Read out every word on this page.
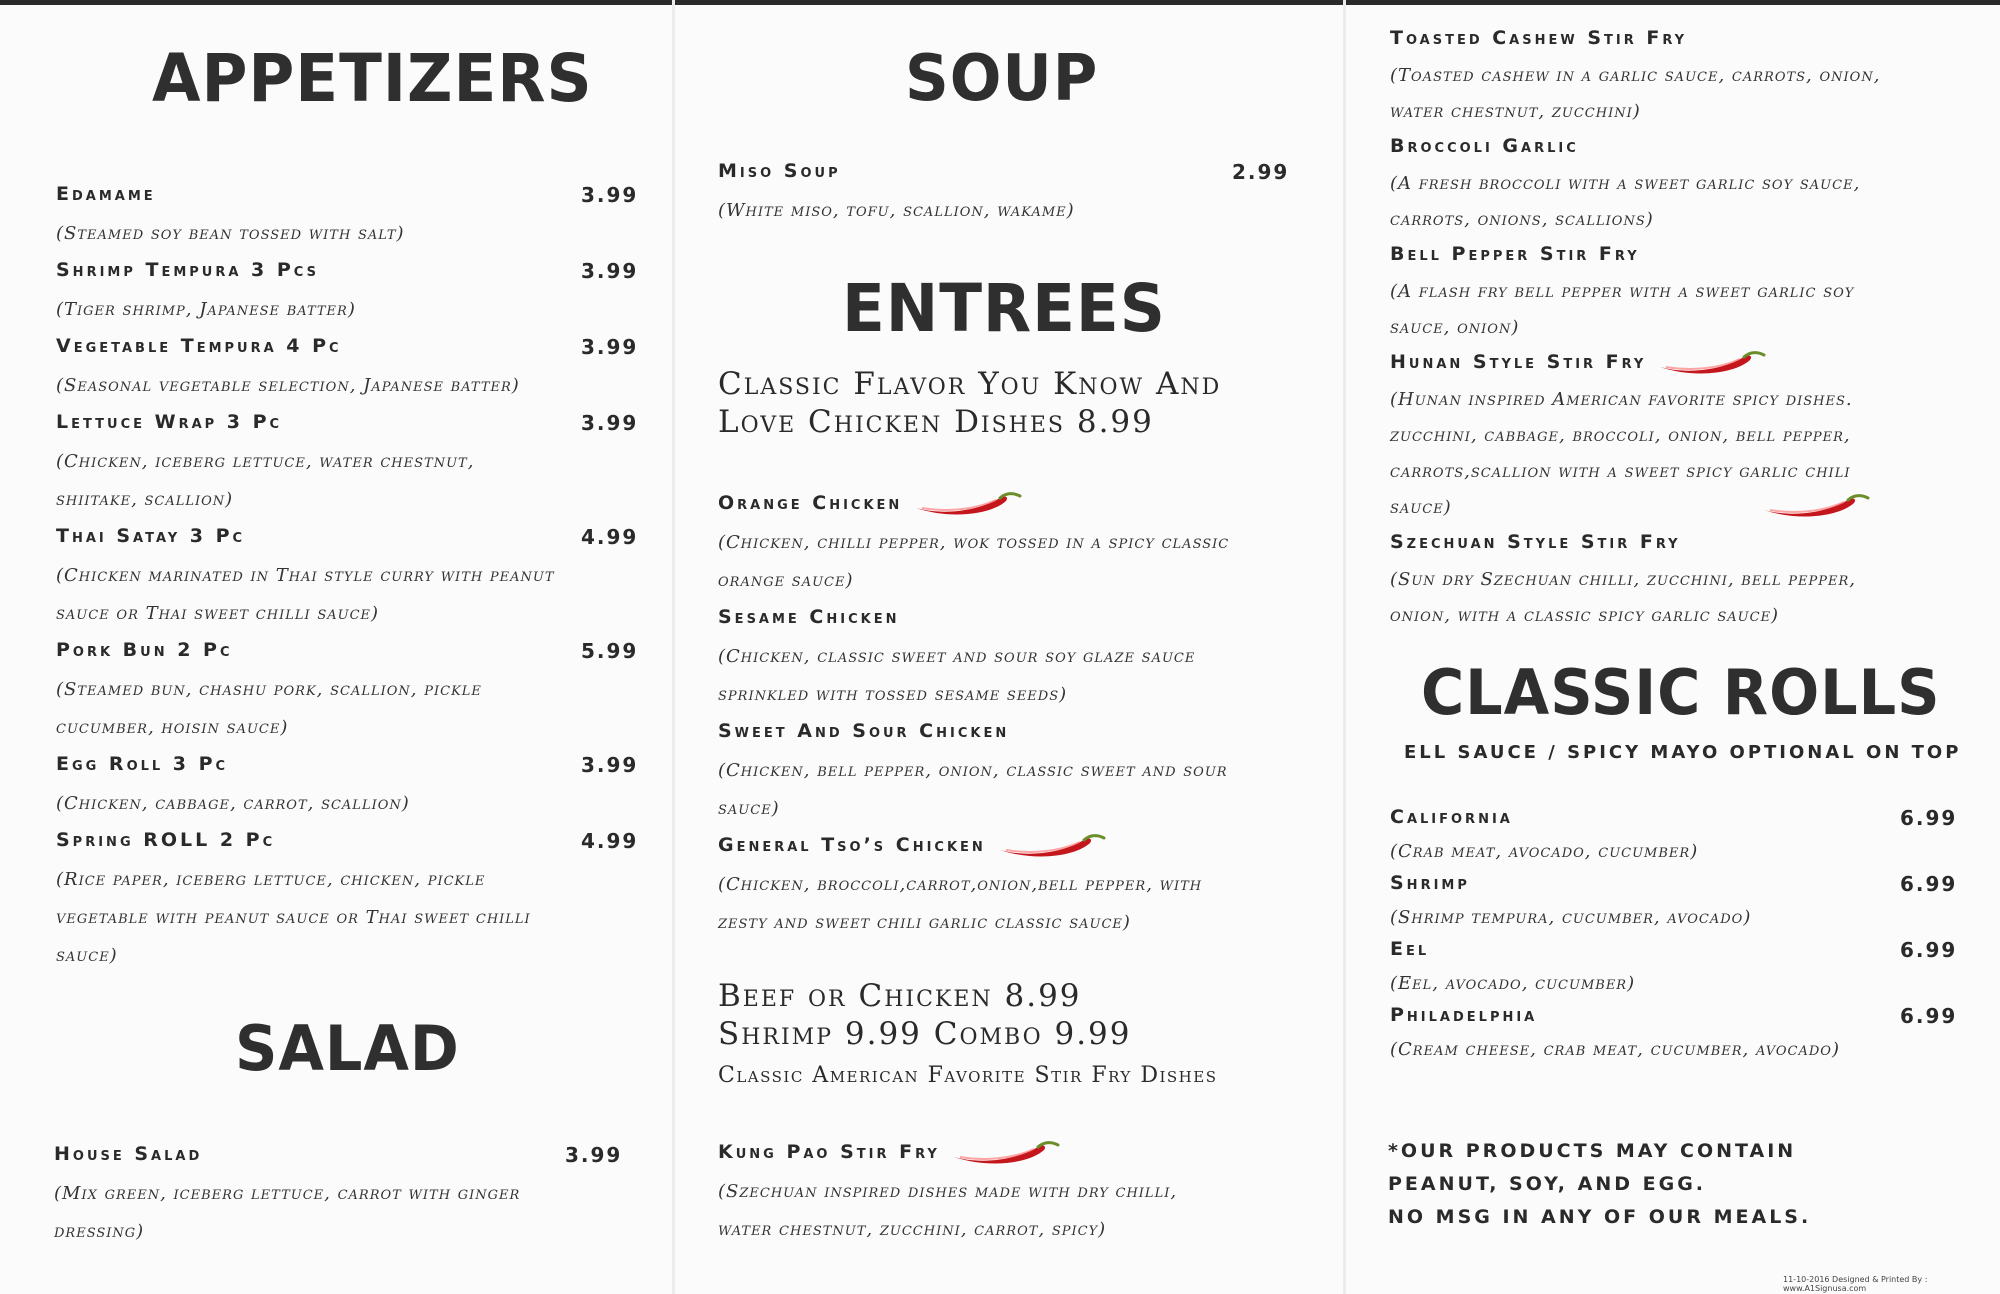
APPETIZERS
SALAD
SOUP
ENTREES
CLASSIC ROLLS
ELL SAUCE / SPICY MAYO OPTIONAL ON TOP
Classic Flavor You Know And
Love Chicken Dishes 8.99
Beef or Chicken 8.99
Shrimp 9.99 Combo 9.99
Classic American Favorite Stir Fry Dishes
*OUR PRODUCTS MAY CONTAIN
PEANUT, SOY, AND EGG.
NO MSG IN ANY OF OUR MEALS.
11-10-2016 Designed & Printed By : www.A1Signusa.com
Edamame	3.99
(Steamed soy bean tossed with salt)
Shrimp Tempura 3 Pcs	3.99
(Tiger shrimp, Japanese batter)
Vegetable Tempura 4 Pc	3.99
(Seasonal vegetable selection, Japanese batter)
Lettuce Wrap 3 Pc	3.99
(Chicken, iceberg lettuce, water chestnut,
shiitake, scallion)
Thai Satay 3 Pc	4.99
(Chicken marinated in Thai style curry with peanut
sauce or Thai sweet chilli sauce)
Pork Bun 2 Pc	5.99
(Steamed bun, chashu pork, scallion, pickle
cucumber, hoisin sauce)
Egg Roll 3 Pc	3.99
(Chicken, cabbage, carrot, scallion)
Spring ROLL 2 Pc	4.99
(Rice paper, iceberg lettuce, chicken, pickle
vegetable with peanut sauce or Thai sweet chilli
sauce)
House Salad	3.99
(Mix green, iceberg lettuce, carrot with ginger
dressing)
Miso Soup	2.99
(White miso, tofu, scallion, wakame)
Orange Chicken
(Chicken, chilli pepper, wok tossed in a spicy classic
orange sauce)
Sesame Chicken
(Chicken, classic sweet and sour soy glaze sauce
sprinkled with tossed sesame seeds)
Sweet And Sour Chicken
(Chicken, bell pepper, onion, classic sweet and sour
sauce)
General Tso’s Chicken
(Chicken, broccoli,carrot,onion,bell pepper, with
zesty and sweet chili garlic classic sauce)
Kung Pao Stir Fry
(Szechuan inspired dishes made with dry chilli,
water chestnut, zucchini, carrot, spicy)
Toasted Cashew Stir Fry
(Toasted cashew in a garlic sauce, carrots, onion,
water chestnut, zucchini)
Broccoli Garlic
(A fresh broccoli with a sweet garlic soy sauce,
carrots, onions, scallions)
Bell Pepper Stir Fry
(A flash fry bell pepper with a sweet garlic soy
sauce, onion)
Hunan Style Stir Fry
(Hunan inspired American favorite spicy dishes.
zucchini, cabbage, broccoli, onion, bell pepper,
carrots,scallion with a sweet spicy garlic chili
sauce)
Szechuan Style Stir Fry
(Sun dry Szechuan chilli, zucchini, bell pepper,
onion, with a classic spicy garlic sauce)
California	6.99
(Crab meat, avocado, cucumber)
Shrimp	6.99
(Shrimp tempura, cucumber, avocado)
Eel	6.99
(Eel, avocado, cucumber)
Philadelphia	6.99
(Cream cheese, crab meat, cucumber, avocado)
